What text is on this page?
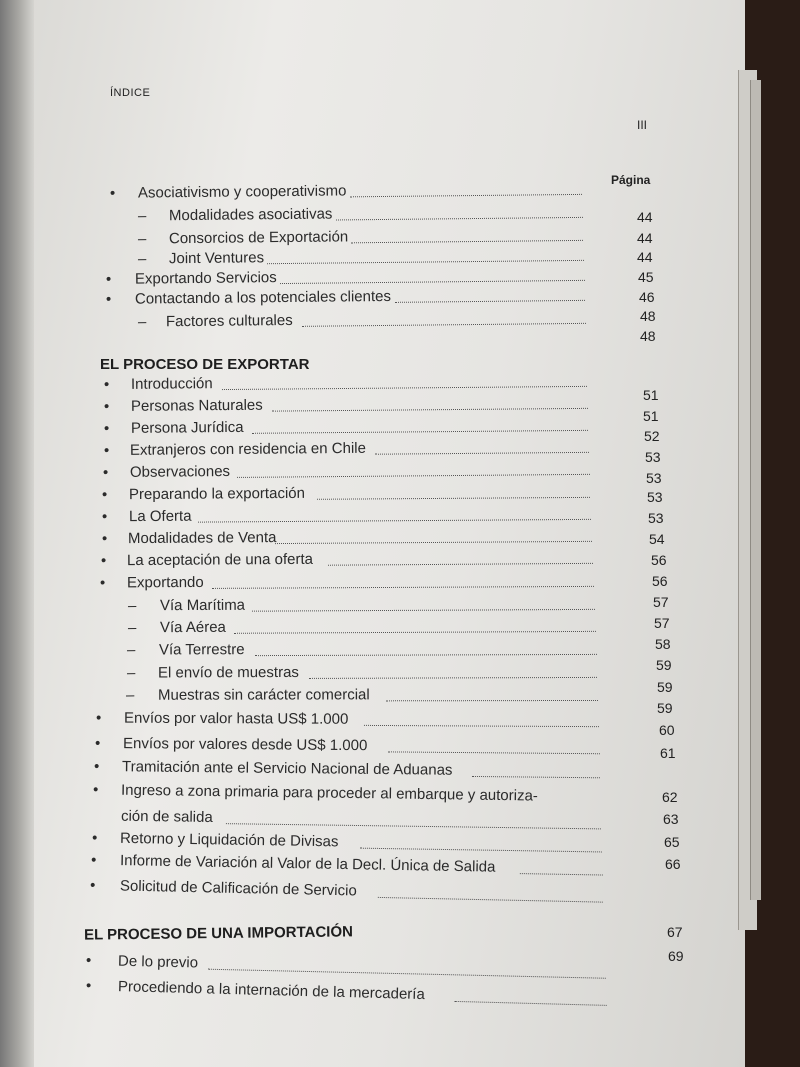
ÍNDICE
III
Página
EL PROCESO DE EXPORTAR
EL PROCESO DE UNA IMPORTACIÓN
• Asociativismo y cooperativismo
– Modalidades asociativas
– Consorcios de Exportación
– Joint Ventures
• Exportando Servicios
• Contactando a los potenciales clientes
– Factores culturales
• Introducción
• Personas Naturales
• Persona Jurídica
• Extranjeros con residencia en Chile
• Observaciones
• Preparando la exportación
• La Oferta
• Modalidades de Venta
• La aceptación de una oferta
• Exportando
– Vía Marítima
– Vía Aérea
– Vía Terrestre
– El envío de muestras
– Muestras sin carácter comercial
• Envíos por valor hasta US$ 1.000
• Envíos por valores desde US$ 1.000
• Tramitación ante el Servicio Nacional de Aduanas
• Ingreso a zona primaria para proceder al embarque y autoriza-
ción de salida
• Retorno y Liquidación de Divisas
• Informe de Variación al Valor de la Decl. Única de Salida
• Solicitud de Calificación de Servicio
• De lo previo
• Procediendo a la internación de la mercadería
44
44
44
45
46
48
48
51
51
52
53
53
53
53
54
56
56
57
57
58
59
59
59
60
61
62
63
65
66
67
69
